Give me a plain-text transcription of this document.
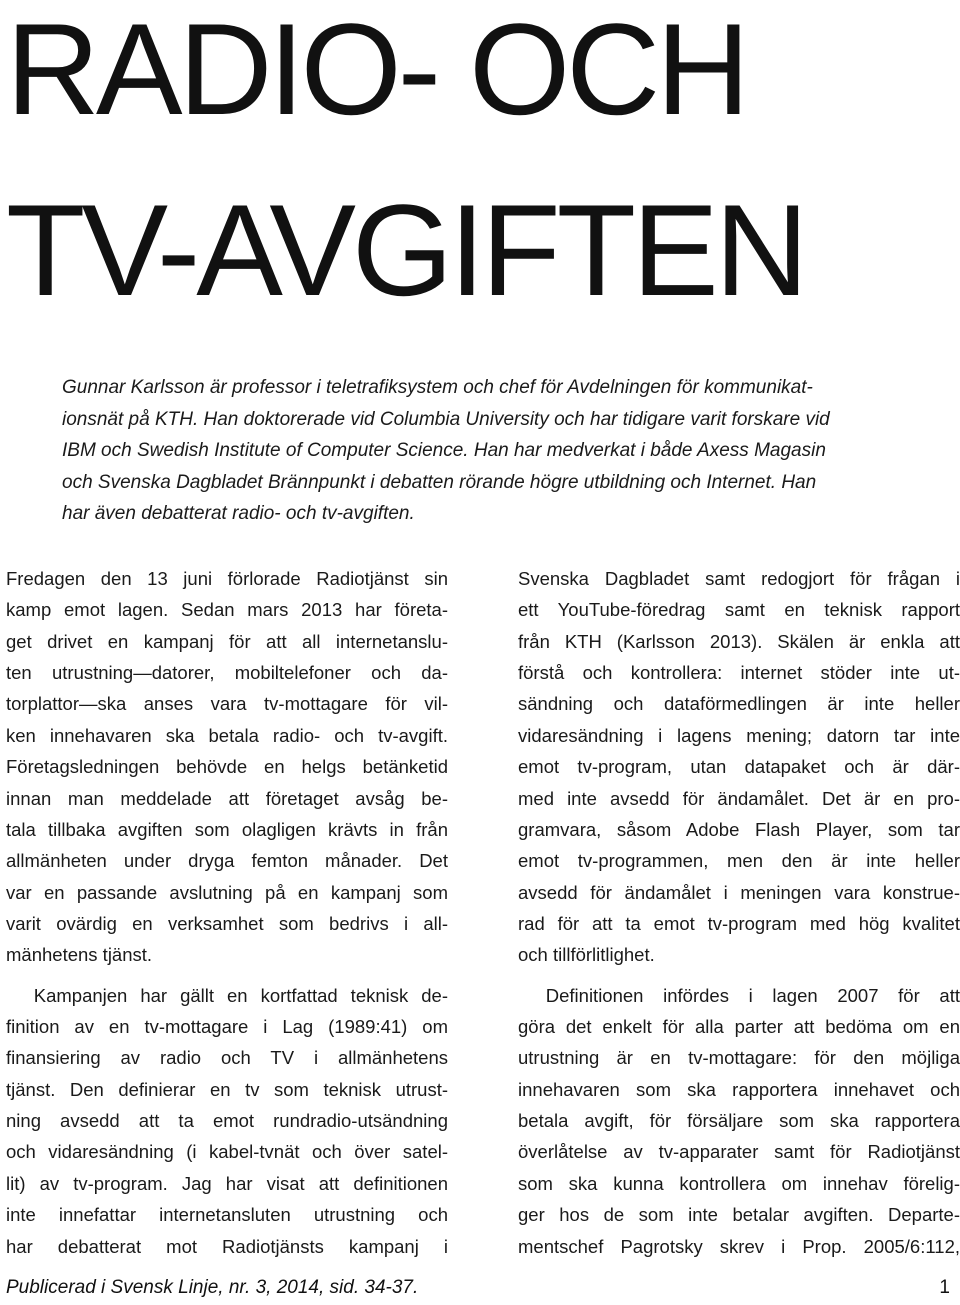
RADIO- OCH
TV-AVGIFTEN
Gunnar Karlsson är professor i teletrafiksystem och chef för Avdelningen för kommunikat-
ionsnät på KTH. Han doktorerade vid Columbia University och har tidigare varit forskare vid
IBM och Swedish Institute of Computer Science. Han har medverkat i både Axess Magasin
och Svenska Dagbladet Brännpunkt i debatten rörande högre utbildning och Internet. Han
har även debatterat radio- och tv-avgiften.
Fredagen den 13 juni förlorade Radiotjänst sin
kamp emot lagen. Sedan mars 2013 har företa-
get drivet en kampanj för att all internetanslu-
ten utrustning—datorer, mobiltelefoner och da-
torplattor—ska anses vara tv-mottagare för vil-
ken innehavaren ska betala radio- och tv-avgift.
Företagsledningen behövde en helgs betänketid
innan man meddelade att företaget avsåg be-
tala tillbaka avgiften som olagligen krävts in från
allmänheten under dryga femton månader. Det
var en passande avslutning på en kampanj som
varit ovärdig en verksamhet som bedrivs i all-
mänhetens tjänst.
  Kampanjen har gällt en kortfattad teknisk de-
finition av en tv-mottagare i Lag (1989:41) om
finansiering av radio och TV i allmänhetens
tjänst. Den definierar en tv som teknisk utrust-
ning avsedd att ta emot rundradio-utsändning
och vidaresändning (i kabel-tvnät och över satel-
lit) av tv-program. Jag har visat att definitionen
inte innefattar internetansluten utrustning och
har debatterat mot Radiotjänsts kampanj i
Svenska Dagbladet samt redogjort för frågan i
ett YouTube-föredrag samt en teknisk rapport
från KTH (Karlsson 2013). Skälen är enkla att
förstå och kontrollera: internet stöder inte ut-
sändning och dataförmedlingen är inte heller
vidaresändning i lagens mening; datorn tar inte
emot tv-program, utan datapaket och är där-
med inte avsedd för ändamålet. Det är en pro-
gramvara, såsom Adobe Flash Player, som tar
emot tv-programmen, men den är inte heller
avsedd för ändamålet i meningen vara konstrue-
rad för att ta emot tv-program med hög kvalitet
och tillförlitlighet.
  Definitionen infördes i lagen 2007 för att
göra det enkelt för alla parter att bedöma om en
utrustning är en tv-mottagare: för den möjliga
innehavaren som ska rapportera innehavet och
betala avgift, för försäljare som ska rapportera
överlåtelse av tv-apparater samt för Radiotjänst
som ska kunna kontrollera om innehav förelig-
ger hos de som inte betalar avgiften. Departe-
mentschef Pagrotsky skrev i Prop. 2005/6:112,
Publicerad i Svensk Linje, nr. 3, 2014, sid. 34-37.	1
